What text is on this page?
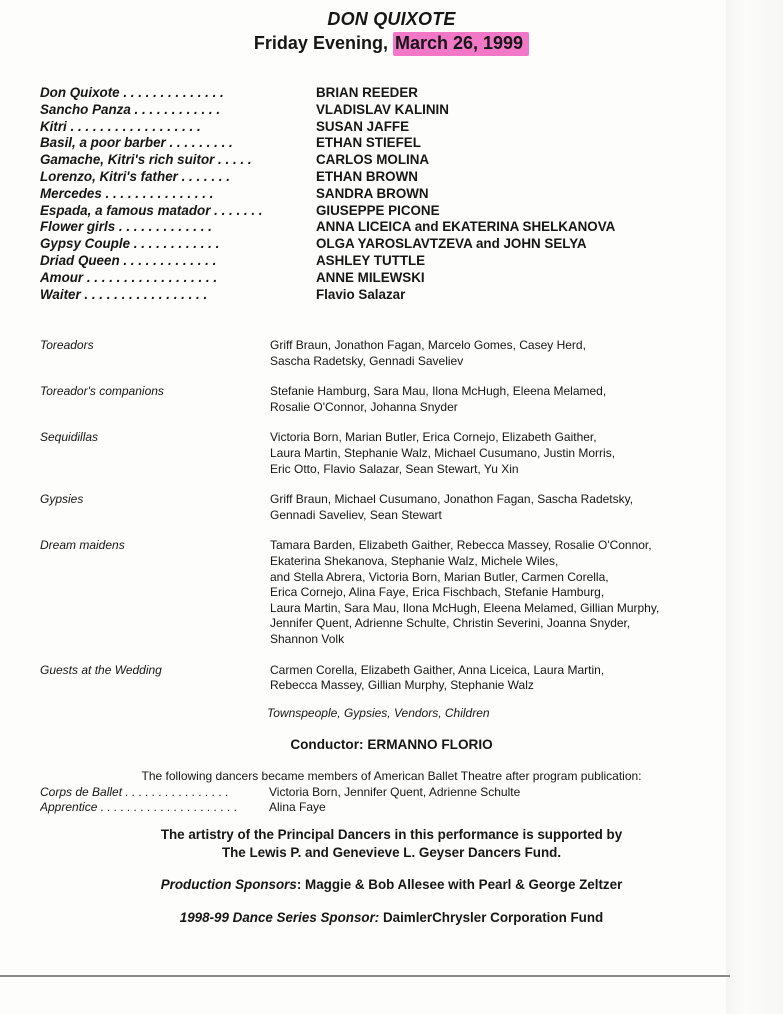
DON QUIXOTE
Friday Evening, March 26, 1999
Don Quixote . . . . . . . . . . . . . .	BRIAN REEDER
Sancho Panza . . . . . . . . . . . .	VLADISLAV KALININ
Kitri . . . . . . . . . . . . . . . . . .	SUSAN JAFFE
Basil, a poor barber . . . . . . . . .	ETHAN STIEFEL
Gamache, Kitri's rich suitor . . . . .	CARLOS MOLINA
Lorenzo, Kitri's father . . . . . . .	ETHAN BROWN
Mercedes . . . . . . . . . . . . . . .	SANDRA BROWN
Espada, a famous matador . . . . . . .	GIUSEPPE PICONE
Flower girls . . . . . . . . . . . . .	ANNA LICEICA and EKATERINA SHELKANOVA
Gypsy Couple . . . . . . . . . . . .	OLGA YAROSLAVTZEVA and JOHN SELYA
Driad Queen . . . . . . . . . . . . .	ASHLEY TUTTLE
Amour . . . . . . . . . . . . . . . . . .	ANNE MILEWSKI
Waiter . . . . . . . . . . . . . . . . .	Flavio Salazar
Toreadors	Griff Braun, Jonathon Fagan, Marcelo Gomes, Casey Herd,
Sascha Radetsky, Gennadi Saveliev
Toreador's companions	Stefanie Hamburg, Sara Mau, Ilona McHugh, Eleena Melamed,
Rosalie O'Connor, Johanna Snyder
Sequidillas	Victoria Born, Marian Butler, Erica Cornejo, Elizabeth Gaither,
Laura Martin, Stephanie Walz, Michael Cusumano, Justin Morris,
Eric Otto, Flavio Salazar, Sean Stewart, Yu Xin
Gypsies	Griff Braun, Michael Cusumano, Jonathon Fagan, Sascha Radetsky,
Gennadi Saveliev, Sean Stewart
Dream maidens	Tamara Barden, Elizabeth Gaither, Rebecca Massey, Rosalie O'Connor,
Ekaterina Shekanova, Stephanie Walz, Michele Wiles,
and Stella Abrera, Victoria Born, Marian Butler, Carmen Corella,
Erica Cornejo, Alina Faye, Erica Fischbach, Stefanie Hamburg,
Laura Martin, Sara Mau, Ilona McHugh, Eleena Melamed, Gillian Murphy,
Jennifer Quent, Adrienne Schulte, Christin Severini, Joanna Snyder,
Shannon Volk
Guests at the Wedding	Carmen Corella, Elizabeth Gaither, Anna Liceica, Laura Martin,
Rebecca Massey, Gillian Murphy, Stephanie Walz
Townspeople, Gypsies, Vendors, Children
Conductor: ERMANNO FLORIO
The following dancers became members of American Ballet Theatre after program publication:
Corps de Ballet . . . . . . . . . . . . . . . .	Victoria Born, Jennifer Quent, Adrienne Schulte
Apprentice . . . . . . . . . . . . . . . . . . . . .	Alina Faye
The artistry of the Principal Dancers in this performance is supported by
The Lewis P. and Genevieve L. Geyser Dancers Fund.
Production Sponsors: Maggie & Bob Allesee with Pearl & George Zeltzer
1998-99 Dance Series Sponsor: DaimlerChrysler Corporation Fund
